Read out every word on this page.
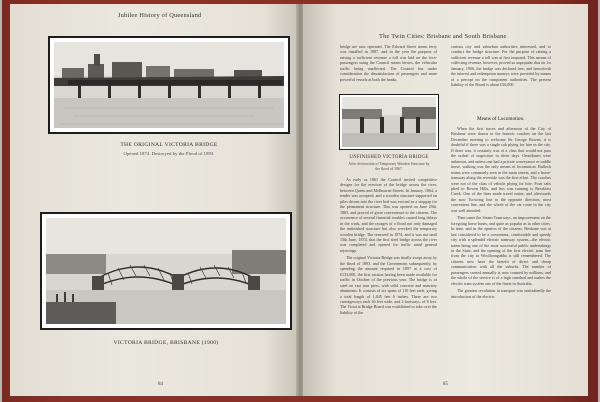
Jubilee History of Queensland
THE ORIGINAL VICTORIA BRIDGE
Opened 1874. Destroyed by the Flood of 1893.
VICTORIA BRIDGE, BRISBANE (1900)
84
The Twin Cities: Brisbane and South Brisbane
bridge are now operated. The Edward Street steam ferry was installed in 1887, and in the year the purpose of raising a sufficient revenue a toll was laid on the foot-passengers using the Council steam ferries, the vehicular traffic being unaffected. The Council has under consideration the dissatisfaction of passengers and more powerful vessels at both the banks.
UNFINISHED VICTORIA BRIDGE
After destruction of Temporary Wooden Structure by
the flood of 1867.

As early as 1861 the Council invited competitive designs for the erection of the bridge across the river, between Queen and Melbourne Streets. In January, 1864, a tender was accepted, and a wooden structure supported on piles driven into the river bed was erected as a stopgap for the permanent structure. This was opened on June 29th, 1865, and proved of great convenience to the citizens. The occurrence of several financial troubles caused long delays in the work, and the ravages of a flood not only damaged the unfinished structure but also wrecked the temporary wooden bridge. The renewed in 1874, and it was not until 15th June, 1874, that the first steel bridge across the river was completed and opened for traffic amid general rejoicings.

The original Victoria Bridge was finally swept away by the flood of 1893, and the Government subsequently, by spending the amount required in 1897 at a cost of £133,000, the first section having been made available for traffic in October of the previous year. The bridge is of steel on cast iron piers, with solid concrete and masonry abutments. It consists of six spans of 110 feet each, giving a total length of 1,045 feet 6 inches. There are two carriageways each 26 feet wide, and 2 footways, of 8 feet. The Victoria Bridge Board was established to take over the liability of the

various city and suburban authorities interested, and to conduct the bridge structure. For the purpose of raising a sufficient revenue a toll was at first imposed. This means of collecting revenue, however, proved so unpopular that on 1st January, 1906, the bridge was declared free, and henceforth the interest and redemption moneys were provided by means of a precept on the component authorities. The present liability of the Board is about £56,000.
Means of Locomotion.

When the first traces and afternoon of the City of Brisbane were drawn to the historic coaches on the last December meeting to welcome Sir George Bowen, it is doubtful if there was a single cab plying for hire in the city. If there was, it certainly was of a class that would not pass the ordeal of inspection in these days. Omnibuses were unknown, and unless one had a private conveyance or saddle horse, walking was the only means of locomotion. Bullock teams were commonly seen in the main streets, and a horse-tramway along the riverside was the first effort. The coaches were not of the class of vehicle plying for hire. Four cabs plied to Bowen Hills, and bus was running to Breakfast Creek. One of the lines made travel easier, and afterwards the now Toowong line to the opposite direction, most convenient line, and the whole of the car route in the city was well attended.

Then came the Steam Tramways, an improvement on the foregoing horse buses, and quite as popular as in other cities. In time, and in the opinion of the citizens, Brisbane was at last considered to be a convenient, comfortable and speedy city with a splendid electric tramway system—the electric trams being one of the most successful public undertakings in the State, and the opening of the first electric tram line from the city to Woolloongabba is still remembered. The citizens now have the benefit of direct and cheap communication with all the suburbs. The number of passengers carried annually is now counted by millions, and the whole of the service is of a high standard and makes the electric tram system one of the finest in Australia.

The greatest revolution in transport was undoubtedly the introduction of the electric

85
